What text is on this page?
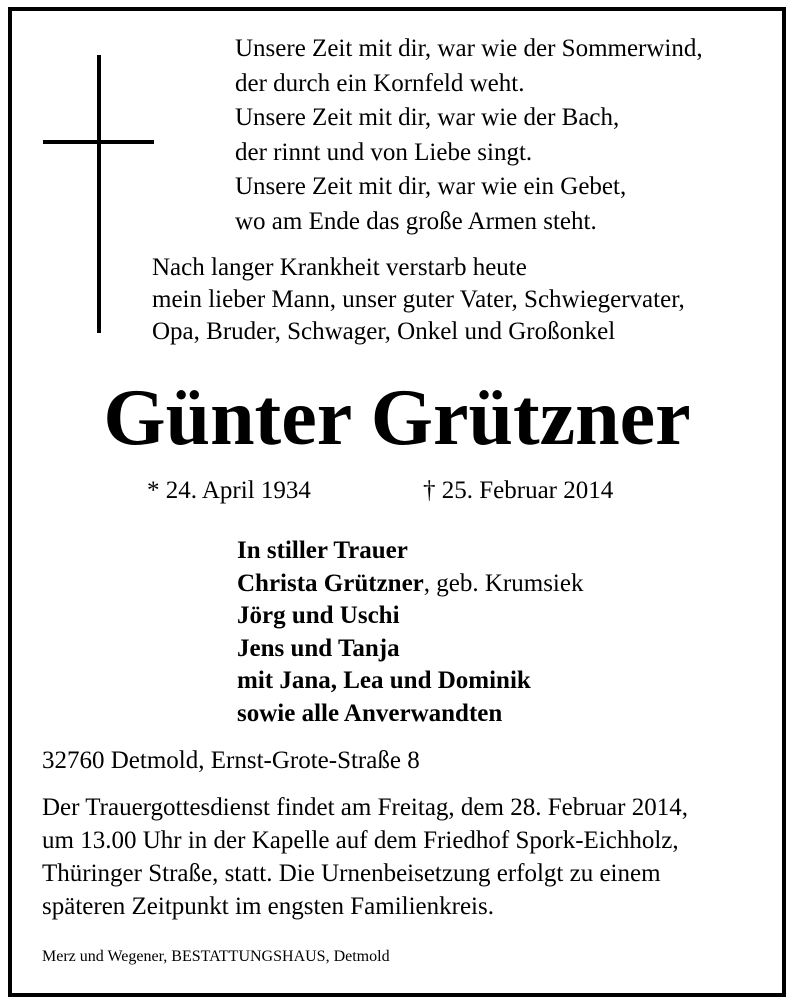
Unsere Zeit mit dir, war wie der Sommerwind,
der durch ein Kornfeld weht.
Unsere Zeit mit dir, war wie der Bach,
der rinnt und von Liebe singt.
Unsere Zeit mit dir, war wie ein Gebet,
wo am Ende das große Armen steht.
Nach langer Krankheit verstarb heute
mein lieber Mann, unser guter Vater, Schwiegervater,
Opa, Bruder, Schwager, Onkel und Großonkel
Günter Grützner
* 24. April 1934	† 25. Februar 2014
In stiller Trauer
Christa Grützner, geb. Krumsiek
Jörg und Uschi
Jens und Tanja
mit Jana, Lea und Dominik
sowie alle Anverwandten
32760 Detmold, Ernst-Grote-Straße 8
Der Trauergottesdienst findet am Freitag, dem 28. Februar 2014,
um 13.00 Uhr in der Kapelle auf dem Friedhof Spork-Eichholz,
Thüringer Straße, statt. Die Urnenbeisetzung erfolgt zu einem
späteren Zeitpunkt im engsten Familienkreis.
Merz und Wegener, BESTATTUNGSHAUS, Detmold
